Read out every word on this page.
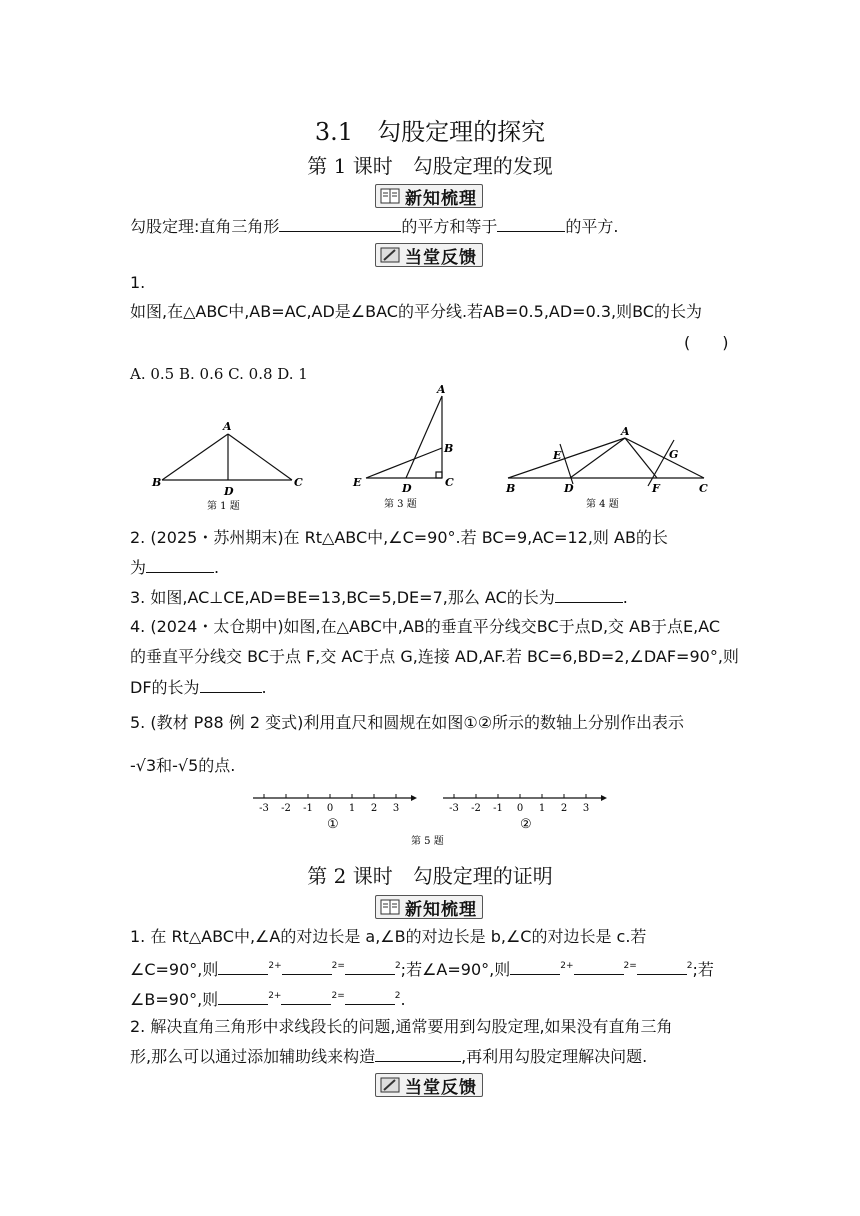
3.1　勾股定理的探究
第 1 课时　勾股定理的发现
新知梳理
勾股定理:直角三角形	的平方和等于	的平方.
当堂反馈
1.
如图,在△ABC中,AB=AC,AD是∠BAC的平分线.若AB=0.5,AD=0.3,则BC的长为
(　　)
A. 0.5 B. 0.6 C. 0.8 D. 1
A
B	C
D
第 1 题
A
B
C
D
E
第 3 题
A
B	C
D
E
F
G
第 4 题
2. (2025・苏州期末)在 Rt△ABC中,∠C=90°.若 BC=9,AC=12,则 AB的长
为	.
3. 如图,AC⊥CE,AD=BE=13,BC=5,DE=7,那么 AC的长为	.
4. (2024・太仓期中)如图,在△ABC中,AB的垂直平分线交BC于点D,交 AB于点E,AC
的垂直平分线交 BC于点 F,交 AC于点 G,连接 AD,AF.若 BC=6,BD=2,∠DAF=90°,则
DF的长为	.
5. (教材 P88 例 2 变式)利用直尺和圆规在如图①②所示的数轴上分别作出表示
-√3和-√5的点.
-3 -2 -1 0 1 2 3	-3 -2 -1 0 1 2 3
①	②
第 5 题
第 2 课时　勾股定理的证明
新知梳理
1. 在 Rt△ABC中,∠A的对边长是 a,∠B的对边长是 b,∠C的对边长是 c.若
∠C=90°,则	$^{2+}$	$^{2=}$	$^2$;若∠A=90°,则	$^{2+}$	$^{2=}$	$^2$;若
∠B=90°,则	$^{2+}$	$^{2=}$	$^2$.
2. 解决直角三角形中求线段长的问题,通常要用到勾股定理,如果没有直角三角
形,那么可以通过添加辅助线来构造	,再利用勾股定理解决问题.
当堂反馈
